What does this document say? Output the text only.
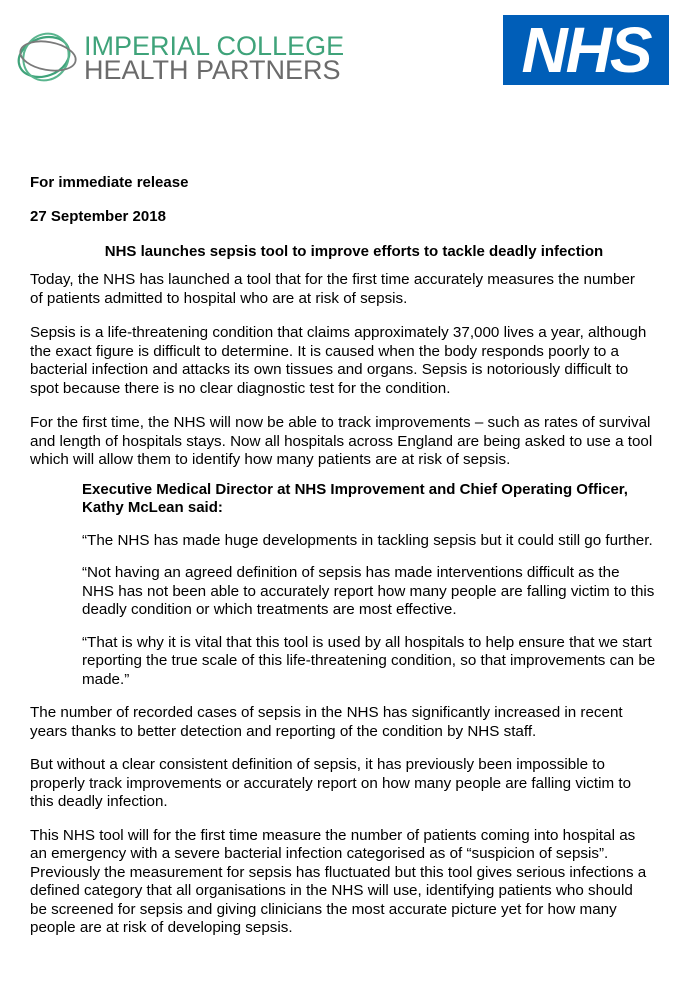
IMPERIAL COLLEGE
HEALTH PARTNERS	NHS

For immediate release

27 September 2018

NHS launches sepsis tool to improve efforts to tackle deadly infection

Today, the NHS has launched a tool that for the first time accurately measures the number

of patients admitted to hospital who are at risk of sepsis.

Sepsis is a life-threatening condition that claims approximately 37,000 lives a year, although

the exact figure is difficult to determine. It is caused when the body responds poorly to a

bacterial infection and attacks its own tissues and organs. Sepsis is notoriously difficult to

spot because there is no clear diagnostic test for the condition.

For the first time, the NHS will now be able to track improvements – such as rates of survival

and length of hospitals stays. Now all hospitals across England are being asked to use a tool

which will allow them to identify how many patients are at risk of sepsis.

Executive Medical Director at NHS Improvement and Chief Operating Officer,

Kathy McLean said:

“The NHS has made huge developments in tackling sepsis but it could still go further.

“Not having an agreed definition of sepsis has made interventions difficult as the

NHS has not been able to accurately report how many people are falling victim to this

deadly condition or which treatments are most effective.

“That is why it is vital that this tool is used by all hospitals to help ensure that we start

reporting the true scale of this life-threatening condition, so that improvements can be

made.”

The number of recorded cases of sepsis in the NHS has significantly increased in recent

years thanks to better detection and reporting of the condition by NHS staff.

But without a clear consistent definition of sepsis, it has previously been impossible to

properly track improvements or accurately report on how many people are falling victim to

this deadly infection.

This NHS tool will for the first time measure the number of patients coming into hospital as

an emergency with a severe bacterial infection categorised as of “suspicion of sepsis”.

Previously the measurement for sepsis has fluctuated but this tool gives serious infections a

defined category that all organisations in the NHS will use, identifying patients who should

be screened for sepsis and giving clinicians the most accurate picture yet for how many

people are at risk of developing sepsis.
